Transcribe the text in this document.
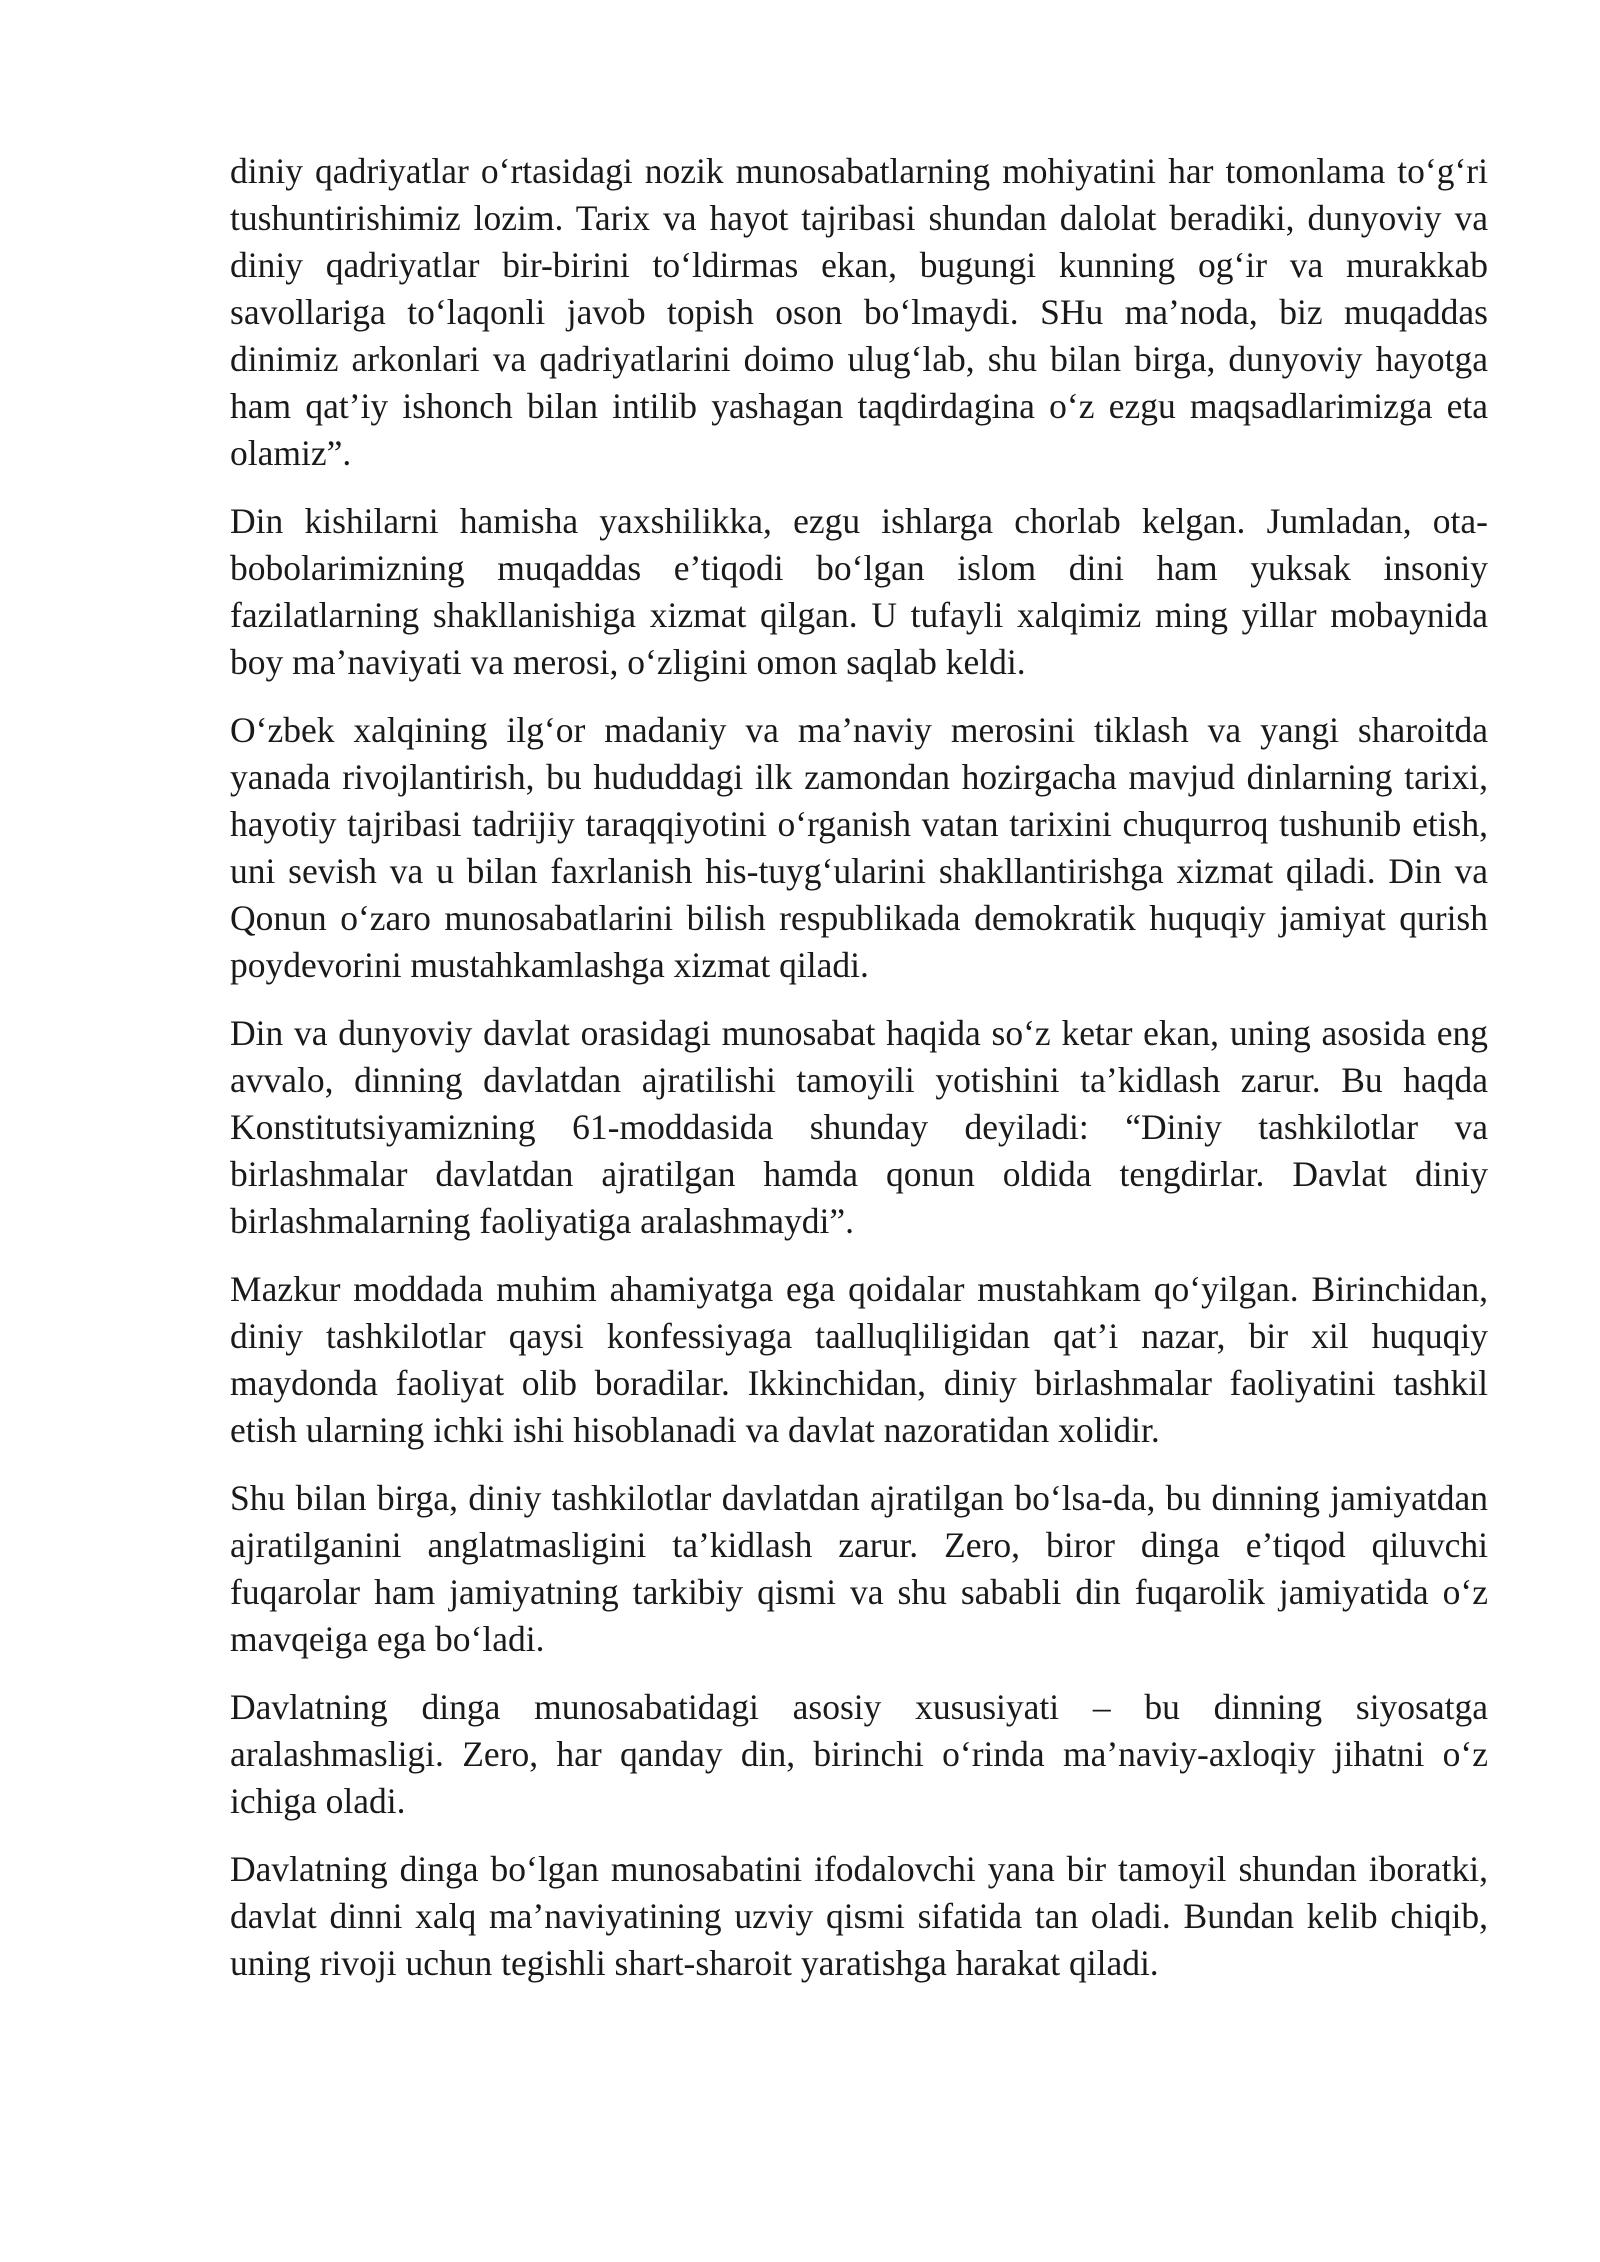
diniy qadriyatlar o‘rtasidagi nozik munosabatlarning mohiyatini har tomonlama to‘g‘ri tushuntirishimiz lozim. Tarix va hayot tajribasi shundan dalolat beradiki, dunyoviy va diniy qadriyatlar bir-birini to‘ldirmas ekan, bugungi kunning og‘ir va murakkab savollariga to‘laqonli javob topish oson bo‘lmaydi. SHu ma’noda, biz muqaddas dinimiz arkonlari va qadriyatlarini doimo ulug‘lab, shu bilan birga, dunyoviy hayotga ham qat’iy ishonch bilan intilib yashagan taqdirdagina o‘z ezgu maqsadlarimizga eta olamiz”.

Din kishilarni hamisha yaxshilikka, ezgu ishlarga chorlab kelgan. Jumladan, ota-bobolarimizning muqaddas e’tiqodi bo‘lgan islom dini ham yuksak insoniy fazilatlarning shakllanishiga xizmat qilgan. U tufayli xalqimiz ming yillar mobaynida boy ma’naviyati va merosi, o‘zligini omon saqlab keldi.

O‘zbek xalqining ilg‘or madaniy va ma’naviy merosini tiklash va yangi sharoitda yanada rivojlantirish, bu hududdagi ilk zamondan hozirgacha mavjud dinlarning tarixi, hayotiy tajribasi tadrijiy taraqqiyotini o‘rganish vatan tarixini chuqurroq tushunib etish, uni sevish va u bilan faxrlanish his-tuyg‘ularini shakllantirishga xizmat qiladi. Din va Qonun o‘zaro munosabatlarini bilish respublikada demokratik huquqiy jamiyat qurish poydevorini mustahkamlashga xizmat qiladi.

Din va dunyoviy davlat orasidagi munosabat haqida so‘z ketar ekan, uning asosida eng avvalo, dinning davlatdan ajratilishi tamoyili yotishini ta’kidlash zarur. Bu haqda Konstitutsiyamizning 61-moddasida shunday deyiladi: “Diniy tashkilotlar va birlashmalar davlatdan ajratilgan hamda qonun oldida tengdirlar. Davlat diniy birlashmalarning faoliyatiga aralashmaydi”.

Mazkur moddada muhim ahamiyatga ega qoidalar mustahkam qo‘yilgan. Birinchidan, diniy tashkilotlar qaysi konfessiyaga taalluqliligidan qat’i nazar, bir xil huquqiy maydonda faoliyat olib boradilar. Ikkinchidan, diniy birlashmalar faoliyatini tashkil etish ularning ichki ishi hisoblanadi va davlat nazoratidan xolidir.

Shu bilan birga, diniy tashkilotlar davlatdan ajratilgan bo‘lsa-da, bu dinning jamiyatdan ajratilganini anglatmasligini ta’kidlash zarur. Zero, biror dinga e’tiqod qiluvchi fuqarolar ham jamiyatning tarkibiy qismi va shu sababli din fuqarolik jamiyatida o‘z mavqeiga ega bo‘ladi.

Davlatning dinga munosabatidagi asosiy xususiyati – bu dinning siyosatga aralashmasligi. Zero, har qanday din, birinchi o‘rinda ma’naviy-axloqiy jihatni o‘z ichiga oladi.

Davlatning dinga bo‘lgan munosabatini ifodalovchi yana bir tamoyil shundan iboratki, davlat dinni xalq ma’naviyatining uzviy qismi sifatida tan oladi. Bundan kelib chiqib, uning rivoji uchun tegishli shart-sharoit yaratishga harakat qiladi.
